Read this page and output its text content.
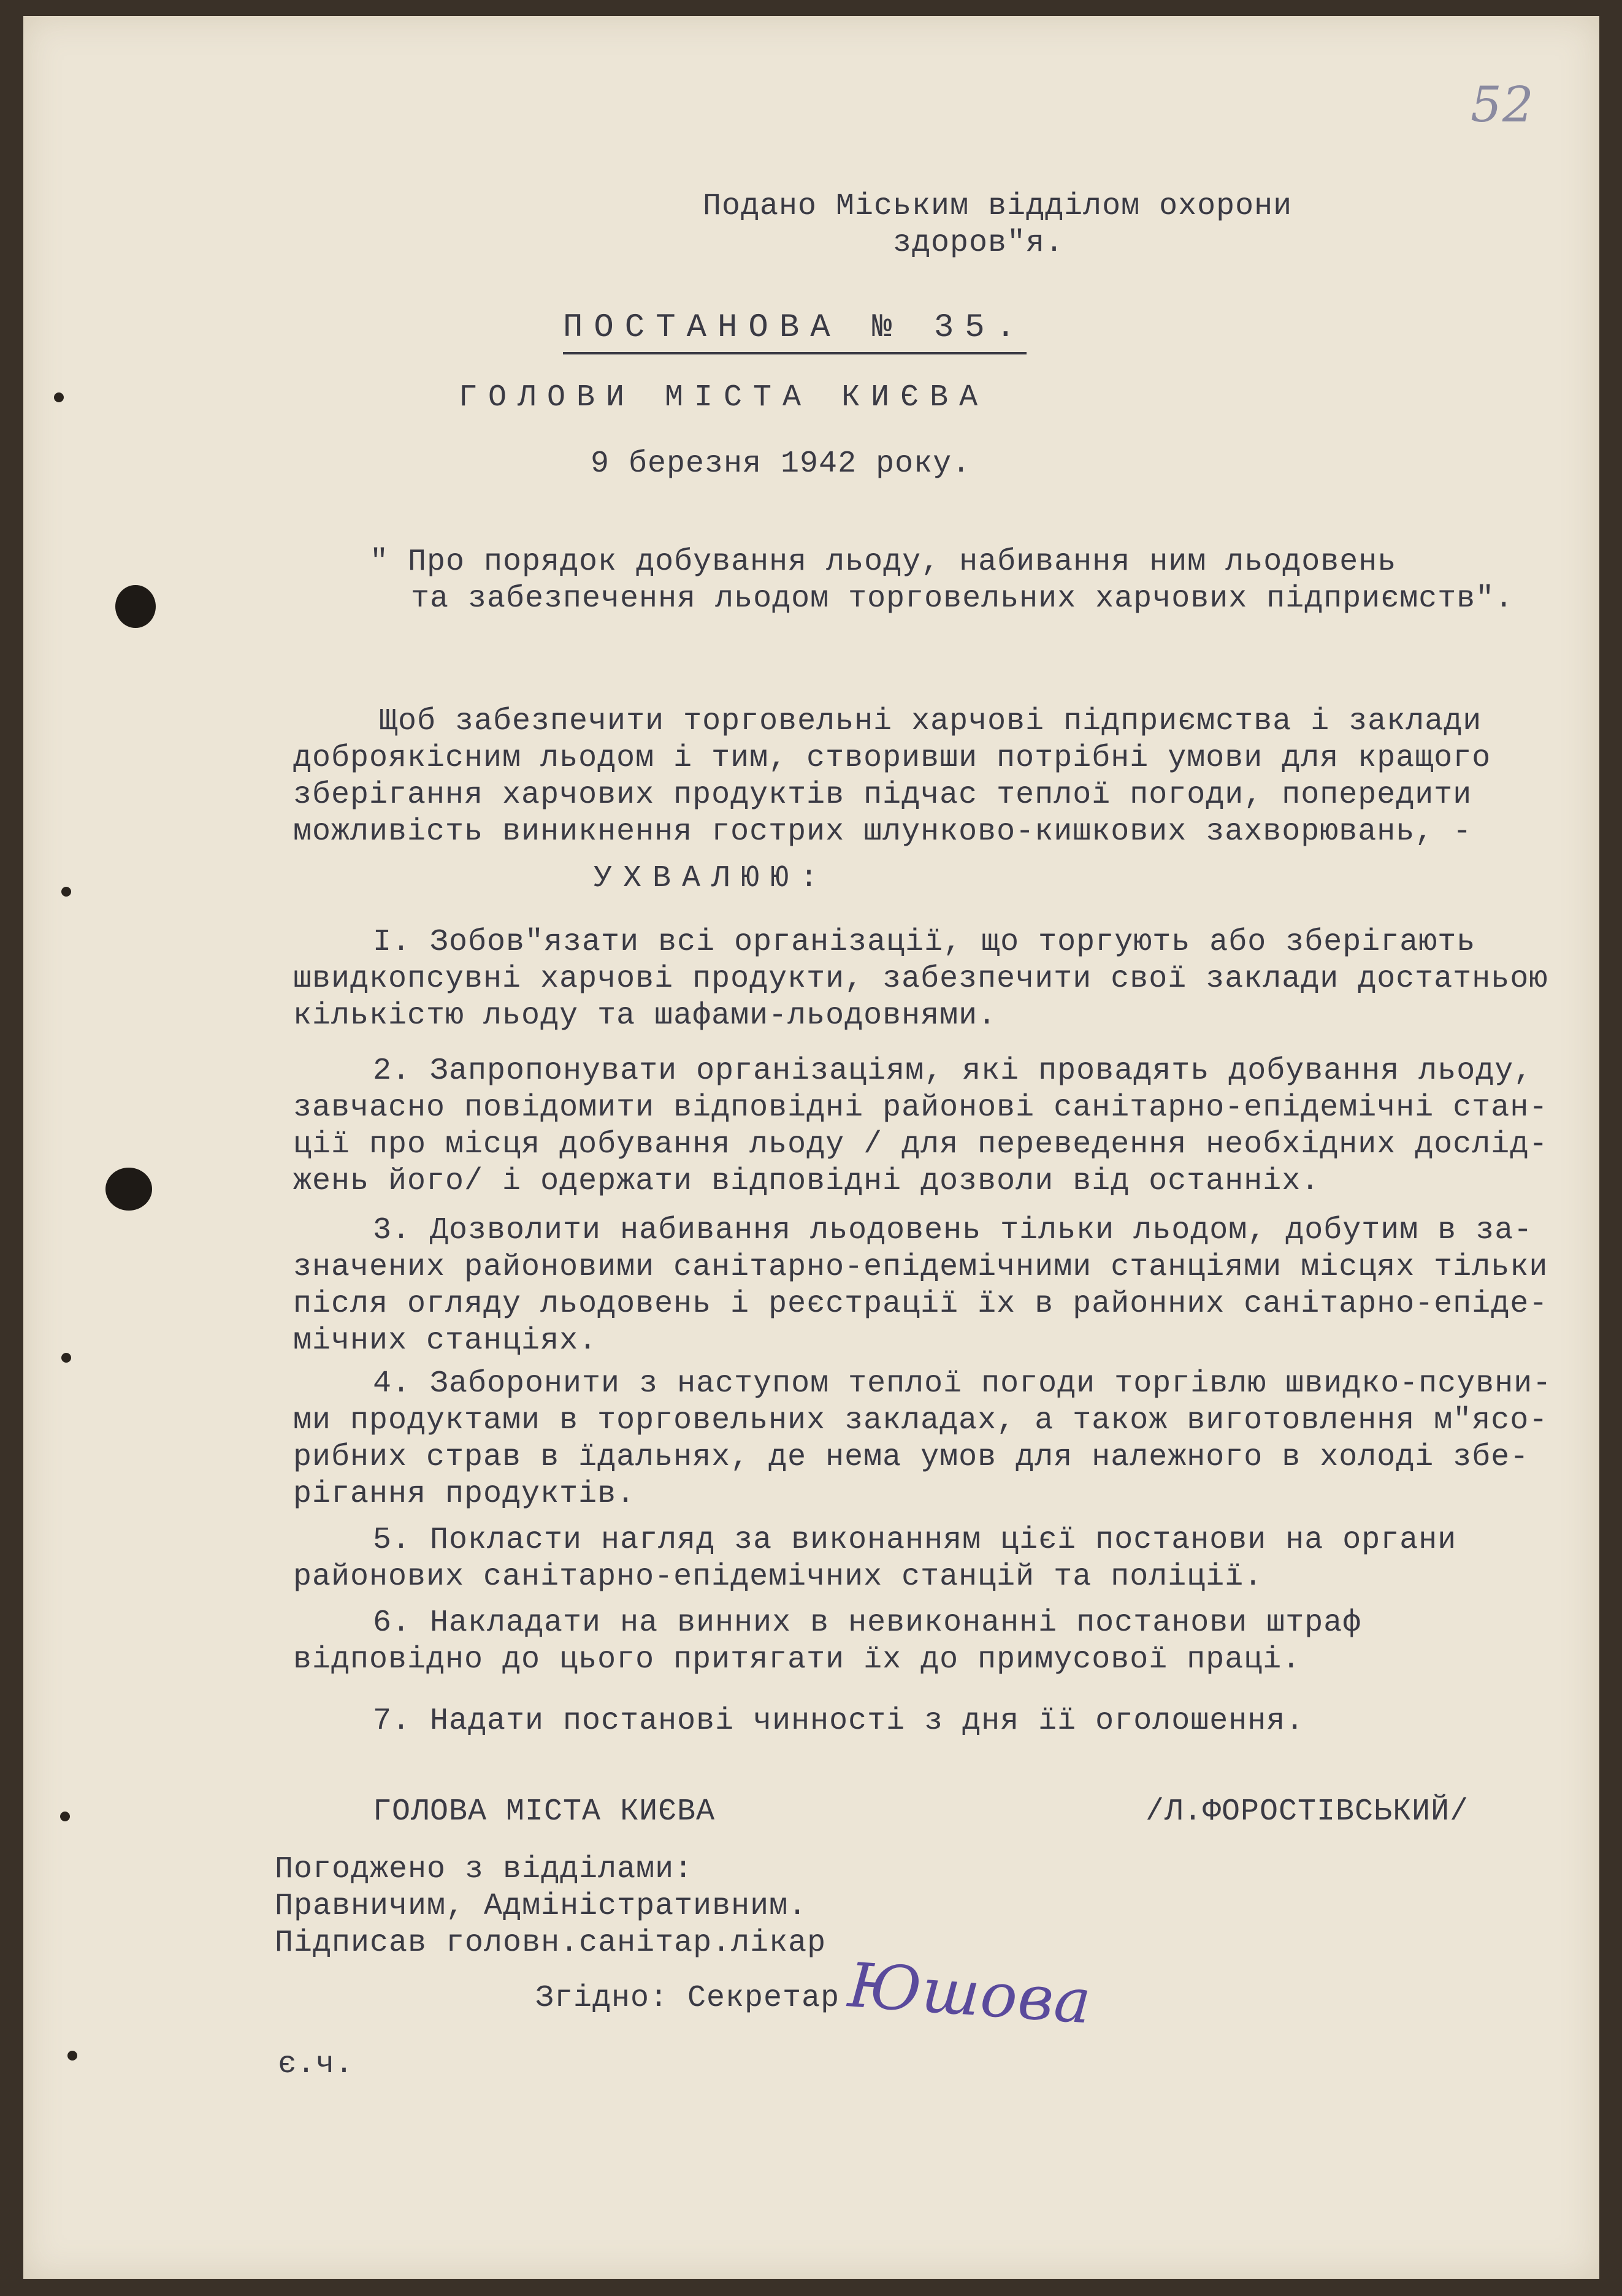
52

Подано Міським відділом охорони

здоров"я.

ПОСТАНОВА № 35.

ГОЛОВИ МІСТА КИЄВА

9 березня 1942 року.

" Про порядок добування льоду, набивання ним льодовень

та забезпечення льодом торговельних харчових підприємств".

Щоб забезпечити торговельні харчові підприємства і заклади

доброякісним льодом і тим, створивши потрібні умови для кращого

зберігання харчових продуктів підчас теплої погоди, попередити

можливість виникнення гострих шлунково-кишкових захворювань, -

УХВАЛЮЮ:

I. Зобов"язати всі організації, що торгують або зберігають

швидкопсувні харчові продукти, забезпечити свої заклади достатньою

кількістю льоду та шафами-льодовнями.

2. Запропонувати організаціям, які провадять добування льоду,

завчасно повідомити відповідні районові санітарно-епідемічні стан-

ції про місця добування льоду / для переведення необхідних дослід-

жень його/ і одержати відповідні дозволи від останніх.

3. Дозволити набивання льодовень тільки льодом, добутим в за-

значених районовими санітарно-епідемічними станціями місцях тільки

після огляду льодовень і реєстрації їх в районних санітарно-епіде-

мічних станціях.

4. Заборонити з наступом теплої погоди торгівлю швидко-псувни-

ми продуктами в торговельних закладах, а також виготовлення м"ясо-

рибних страв в їдальнях, де нема умов для належного в холоді збе-

рігання продуктів.

5. Покласти нагляд за виконанням цієї постанови на органи

районових санітарно-епідемічних станцій та поліції.

6. Накладати на винних в невиконанні постанови штраф

відповідно до цього притягати їх до примусової праці.

7. Надати постанові чинності з дня її оголошення.

ГОЛОВА МІСТА КИЄВА	/Л.ФОРОСТІВСЬКИЙ/

Погоджено з відділами:

Правничим, Адміністративним.

Підписав головн.санітар.лікар

Згідно: Секретар Юшова

є.ч.
